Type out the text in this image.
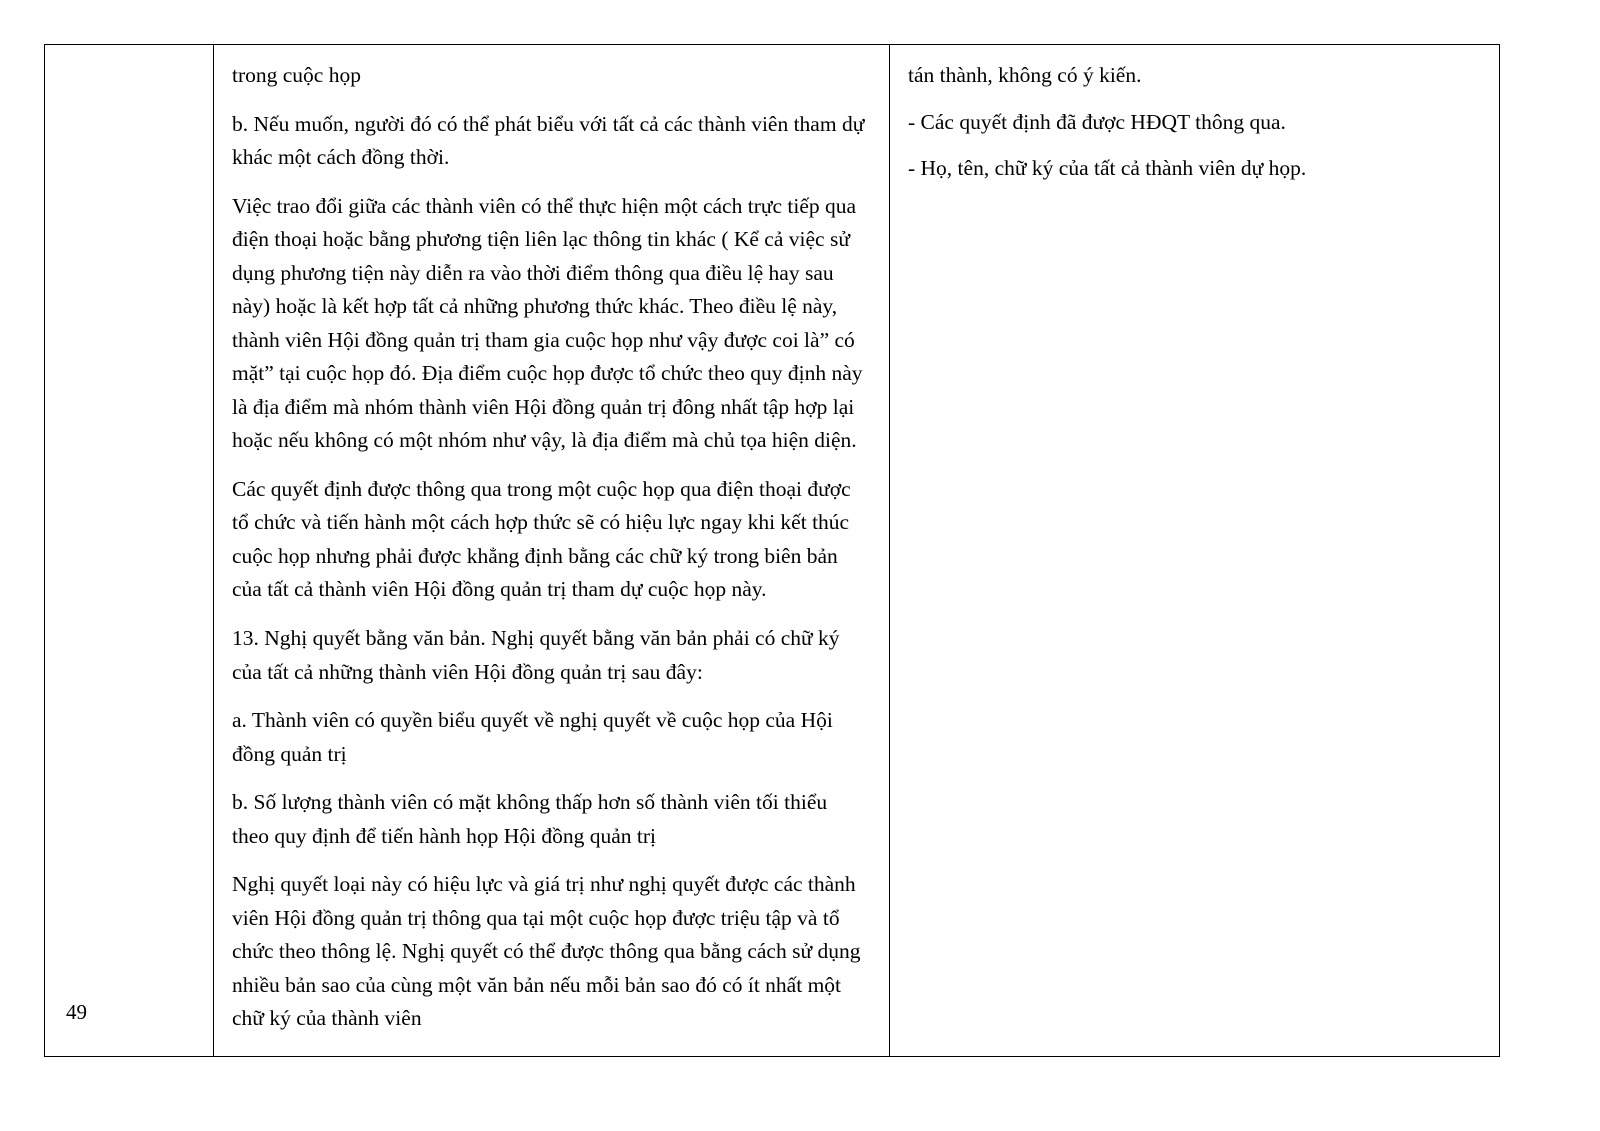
trong cuộc họp

b. Nếu muốn, người đó có thể phát biểu với tất cả các thành viên tham dự khác một cách đồng thời.

Việc trao đổi giữa các thành viên có thể thực hiện một cách trực tiếp qua điện thoại hoặc bằng phương tiện liên lạc thông tin khác ( Kể cả việc sử dụng phương tiện này diễn ra vào thời điểm thông qua điều lệ hay sau này) hoặc là kết hợp tất cả những phương thức khác. Theo điều lệ này, thành viên Hội đồng quản trị tham gia cuộc họp như vậy được coi là” có mặt” tại cuộc họp đó. Địa điểm cuộc họp được tổ chức theo quy định này là địa điểm mà nhóm thành viên Hội đồng quản trị đông nhất tập hợp lại hoặc nếu không có một nhóm như vậy, là địa điểm mà chủ tọa hiện diện.

Các quyết định được thông qua trong một cuộc họp qua điện thoại được tổ chức và tiến hành một cách hợp thức sẽ có hiệu lực ngay khi kết thúc cuộc họp nhưng phải được khẳng định bằng các chữ ký trong biên bản của tất cả thành viên Hội đồng quản trị tham dự cuộc họp này.

13. Nghị quyết bằng văn bản. Nghị quyết bằng văn bản phải có chữ ký của tất cả những thành viên Hội đồng quản trị sau đây:

a. Thành viên có quyền biểu quyết về nghị quyết về cuộc họp của Hội đồng quản trị

b. Số lượng thành viên có mặt không thấp hơn số thành viên tối thiểu theo quy định để tiến hành họp Hội đồng quản trị

Nghị quyết loại này có hiệu lực và giá trị như nghị quyết được các thành viên Hội đồng quản trị thông qua tại một cuộc họp được triệu tập và tổ chức theo thông lệ. Nghị quyết có thể được thông qua bằng cách sử dụng nhiều bản sao của cùng một văn bản nếu mỗi bản sao đó có ít nhất một chữ ký của thành viên

tán thành, không có ý kiến.

- Các quyết định đã được HĐQT thông qua.

- Họ, tên, chữ ký của tất cả thành viên dự họp.

49
